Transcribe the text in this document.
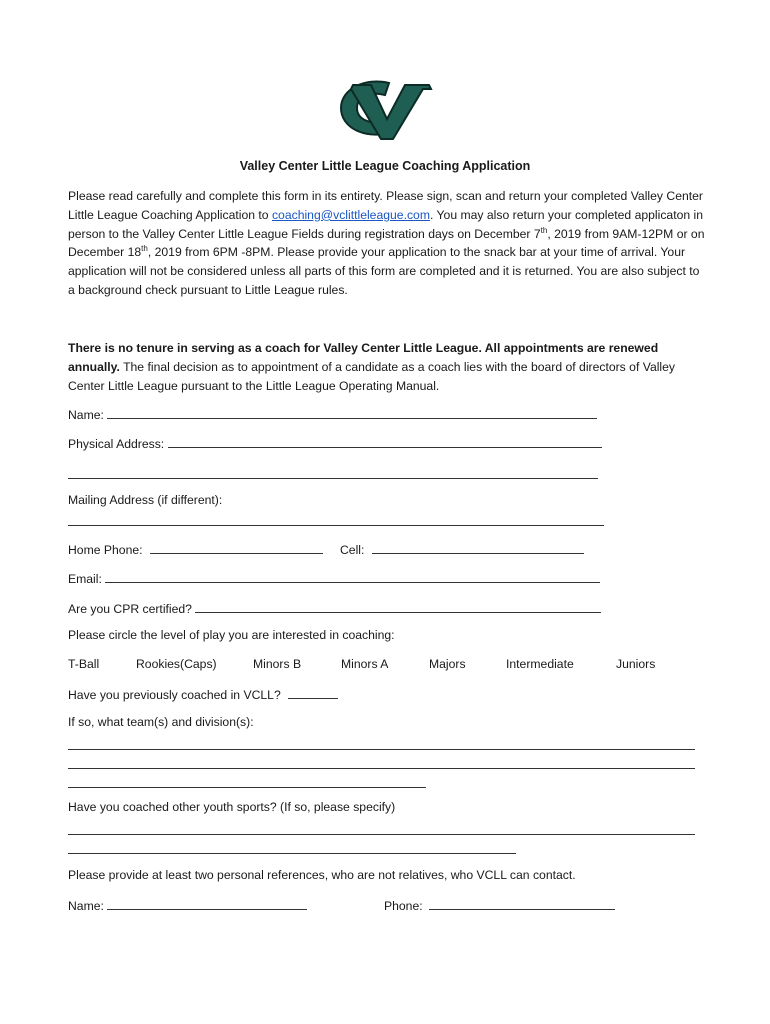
Valley Center Little League Coaching Application
Please read carefully and complete this form in its entirety. Please sign, scan and return your completed Valley Center Little League Coaching Application to coaching@vclittleleague.com. You may also return your completed applicaton in person to the Valley Center Little League Fields during registration days on December 7th, 2019 from 9AM-12PM or on December 18th, 2019 from 6PM -8PM. Please provide your application to the snack bar at your time of arrival. Your application will not be considered unless all parts of this form are completed and it is returned. You are also subject to a background check pursuant to Little League rules.
There is no tenure in serving as a coach for Valley Center Little League. All appointments are renewed annually. The final decision as to appointment of a candidate as a coach lies with the board of directors of Valley Center Little League pursuant to the Little League Operating Manual.
Name:
Physical Address:
Mailing Address (if different):
Home Phone:	Cell:
Email:
Are you CPR certified?
Please circle the level of play you are interested in coaching:
T-Ball	Rookies(Caps)	Minors B	Minors A	Majors	Intermediate	Juniors
Have you previously coached in VCLL?
If so, what team(s) and division(s):
Have you coached other youth sports? (If so, please specify)
Please provide at least two personal references, who are not relatives, who VCLL can contact.
Name:	Phone:
